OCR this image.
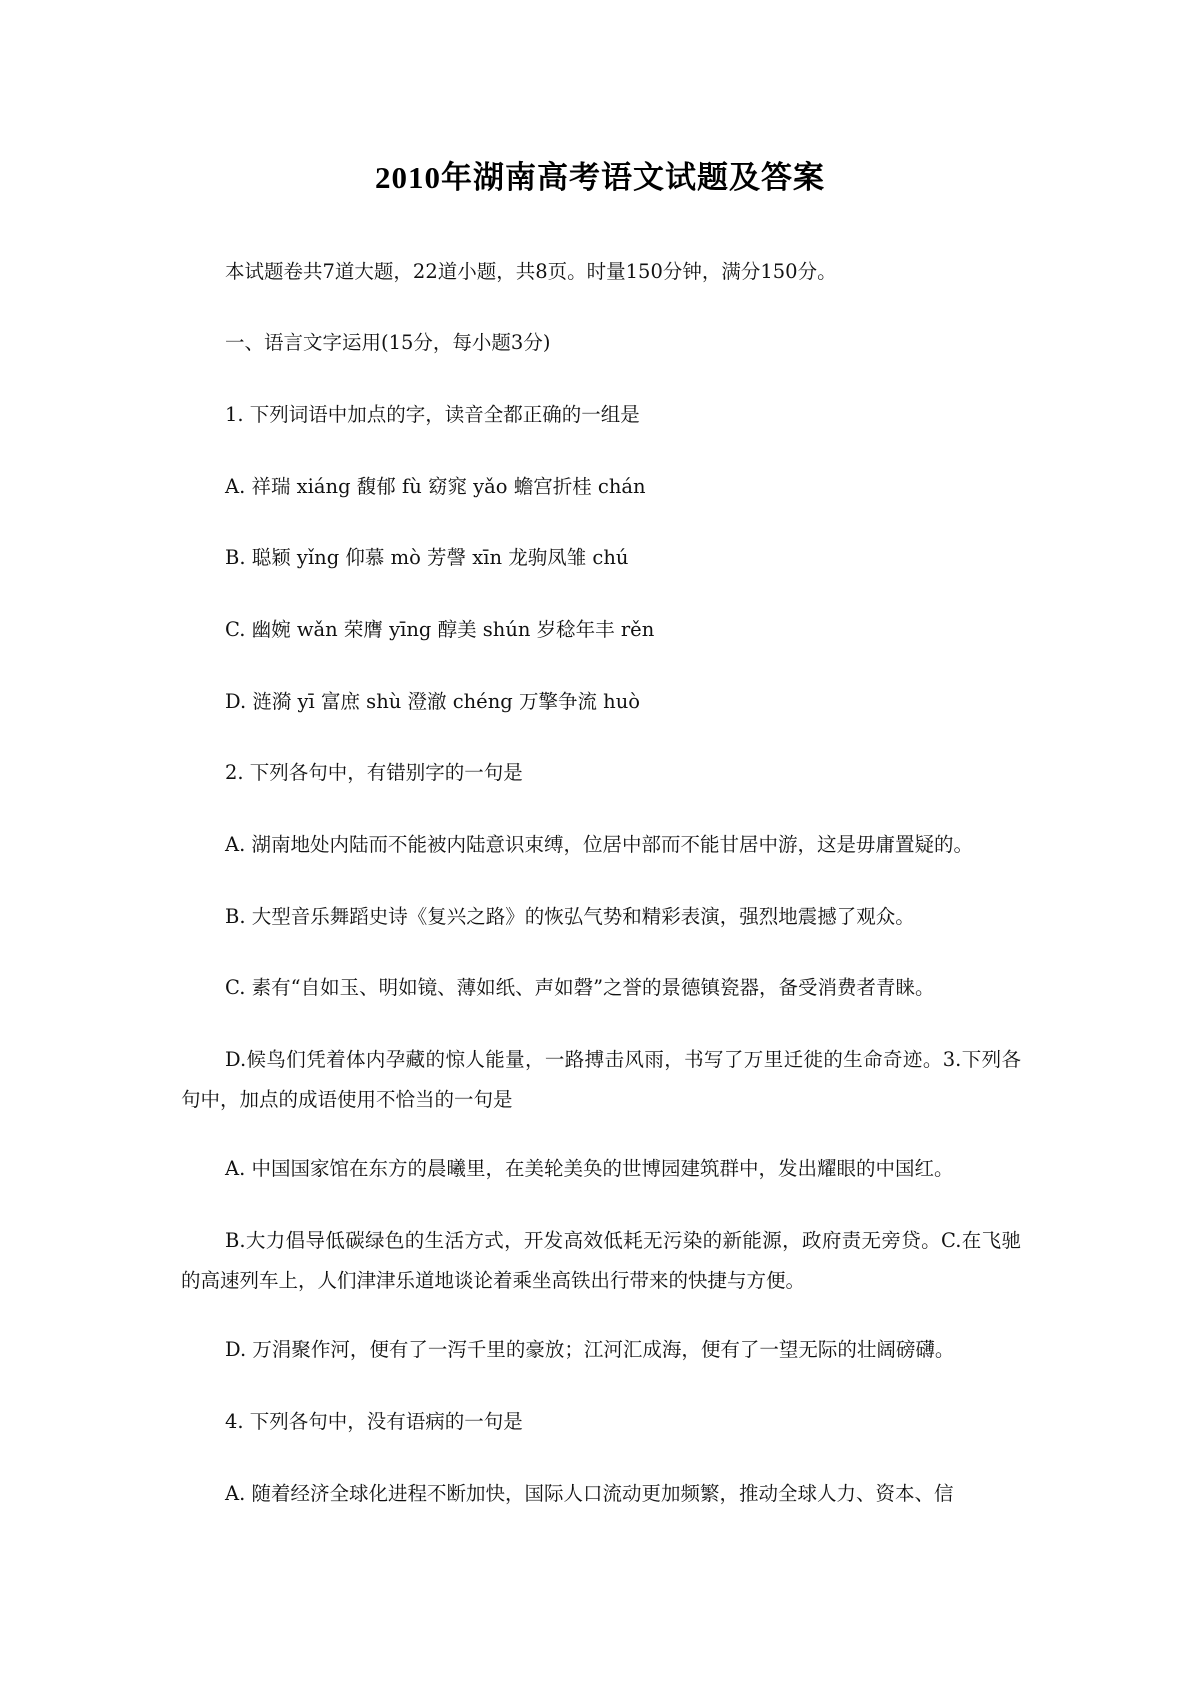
2010年湖南高考语文试题及答案
本试题卷共7道大题，22道小题，共8页。时量150分钟，满分150分。
一、语言文字运用(15分，每小题3分)
1. 下列词语中加点的字，读音全都正确的一组是
A. 祥瑞 xiáng 馥郁 fù 窈窕 yǎo 蟾宫折桂 chán
B. 聪颖 yǐng 仰慕 mò 芳謦 xīn 龙驹凤雏 chú
C. 幽婉 wǎn 荣膺 yīng 醇美 shún 岁稔年丰 rěn
D. 涟漪 yī 富庶 shù 澄澈 chéng 万擎争流 huò
2. 下列各句中，有错别字的一句是
A. 湖南地处内陆而不能被内陆意识束缚，位居中部而不能甘居中游，这是毋庸置疑的。
B. 大型音乐舞蹈史诗《复兴之路》的恢弘气势和精彩表演，强烈地震撼了观众。
C. 素有“自如玉、明如镜、薄如纸、声如磬”之誉的景德镇瓷器，备受消费者青睐。
D.候鸟们凭着体内孕藏的惊人能量，一路搏击风雨，书写了万里迁徙的生命奇迹。3.下列各句中，加点的成语使用不恰当的一句是
A. 中国国家馆在东方的晨曦里，在美轮美奂的世博园建筑群中，发出耀眼的中国红。
B.大力倡导低碳绿色的生活方式，开发高效低耗无污染的新能源，政府责无旁贷。C.在飞驰的高速列车上，人们津津乐道地谈论着乘坐高铁出行带来的快捷与方便。
D. 万涓聚作河，便有了一泻千里的豪放；江河汇成海，便有了一望无际的壮阔磅礴。
4. 下列各句中，没有语病的一句是
A. 随着经济全球化进程不断加快，国际人口流动更加频繁，推动全球人力、资本、信
